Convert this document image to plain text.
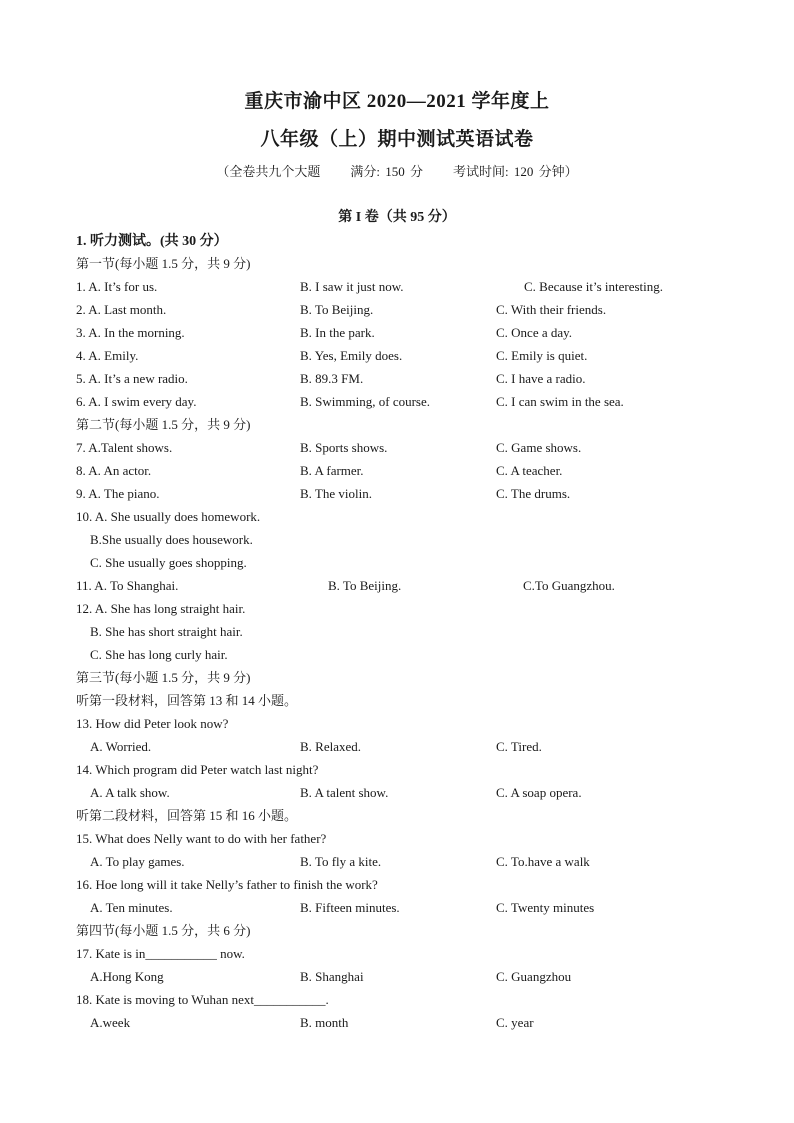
重庆市渝中区 2020—2021 学年度上
八年级（上）期中测试英语试卷
（全卷共九个大题 满分: 150 分 考试时间: 120 分钟）
第 I 卷（共 95 分）
1. 听力测试。(共 30 分）
第一节(每小题 1.5 分，共 9 分)
1. A. It’s for us.	B. I saw it just now.	C. Because it’s interesting.
2. A. Last month.	B. To Beijing.	C. With their friends.
3. A. In the morning.	B. In the park.	C. Once a day.
4. A. Emily.	B. Yes, Emily does.	C. Emily is quiet.
5. A. It’s a new radio.	B. 89.3 FM.	C. I have a radio.
6. A. I swim every day.	B. Swimming, of course.	C. I can swim in the sea.
第二节(每小题 1.5 分，共 9 分)
7. A.Talent shows.	B. Sports shows.	C. Game shows.
8. A. An actor.	B. A farmer.	C. A teacher.
9. A. The piano.	B. The violin.	C. The drums.
10. A. She usually does homework.
B.She usually does housework.
C. She usually goes shopping.
11. A. To Shanghai.	B. To Beijing.	C.To Guangzhou.
12. A. She has long straight hair.
B. She has short straight hair.
C. She has long curly hair.
第三节(每小题 1.5 分，共 9 分)
听第一段材料，回答第 13 和 14 小题。
13. How did Peter look now?
A. Worried.	B. Relaxed.	C. Tired.
14. Which program did Peter watch last night?
A. A talk show.	B. A talent show.	C. A soap opera.
听第二段材料，回答第 15 和 16 小题。
15. What does Nelly want to do with her father?
A. To play games.	B. To fly a kite.	C. To.have a walk
16. Hoe long will it take Nelly’s father to finish the work?
A. Ten minutes.	B. Fifteen minutes.	C. Twenty minutes
第四节(每小题 1.5 分，共 6 分)
17. Kate is in___________ now.
A.Hong Kong	B. Shanghai	C. Guangzhou
18. Kate is moving to Wuhan next___________.
A.week	B. month	C. year
